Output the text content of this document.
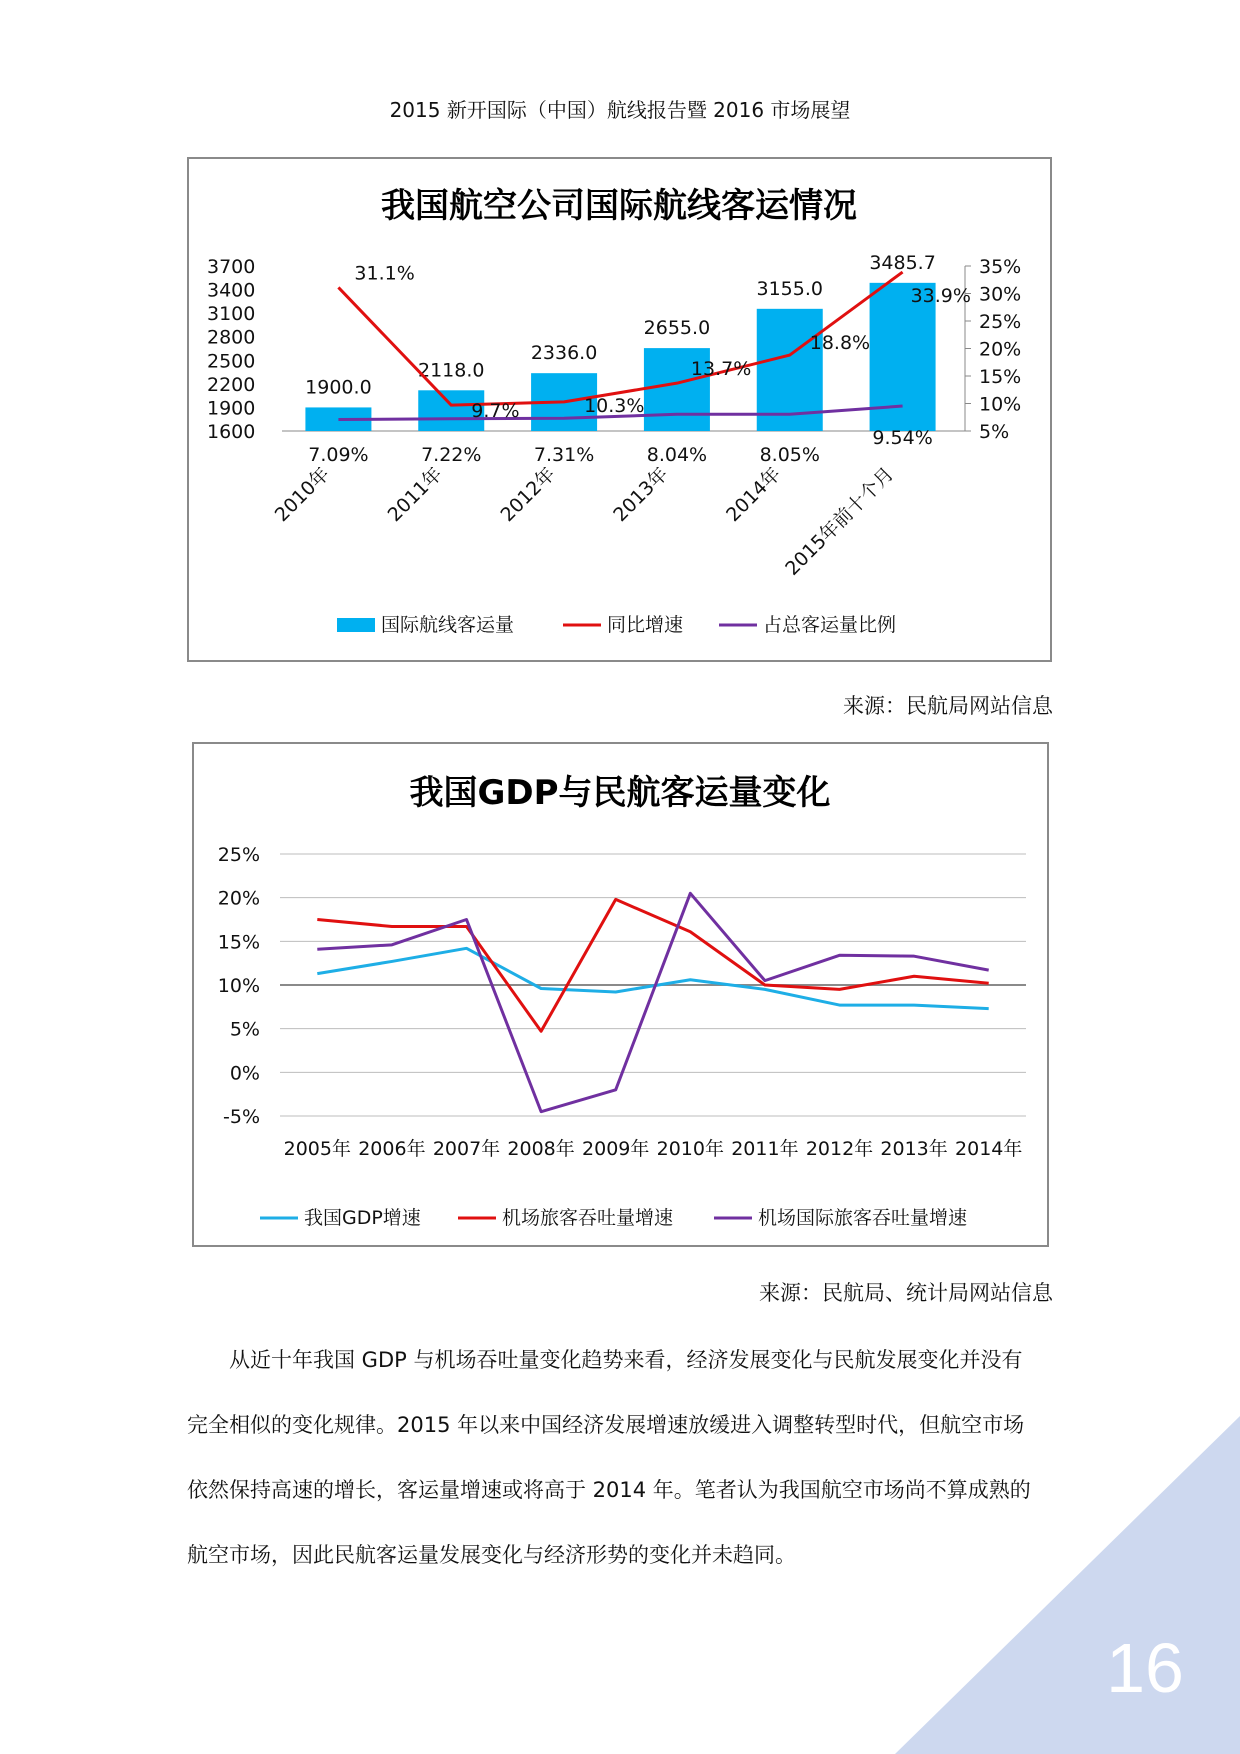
2015 新开国际（中国）航线报告暨 2016 市场展望
我国航空公司国际航线客运情况
1600
1900
2200
2500
2800
3100
3400
3700
5%
10%
15%
20%
25%
30%
35%
1900.0
2118.0
2336.0
2655.0
3155.0
3485.7
31.1%
9.7%	10.3%
13.7%
18.8%
33.9%
7.09%	7.22%	7.31%	8.04%	8.05%
9.54%
2010年	2011年	2012年	2013年	2014年
2015年前十个月
国际航线客运量	同比增速	占总客运量比例
来源：民航局网站信息
我国GDP与民航客运量变化
-5%
0%
5%
10%
15%
20%
25%
2005年 2006年 2007年 2008年 2009年 2010年 2011年 2012年 2013年 2014年
我国GDP增速	机场旅客吞吐量增速	机场国际旅客吞吐量增速
来源：民航局、统计局网站信息

从近十年我国 GDP 与机场吞吐量变化趋势来看，经济发展变化与民航发展变化并没有
完全相似的变化规律。2015 年以来中国经济发展增速放缓进入调整转型时代，但航空市场
依然保持高速的增长，客运量增速或将高于 2014 年。笔者认为我国航空市场尚不算成熟的
航空市场，因此民航客运量发展变化与经济形势的变化并未趋同。

16
